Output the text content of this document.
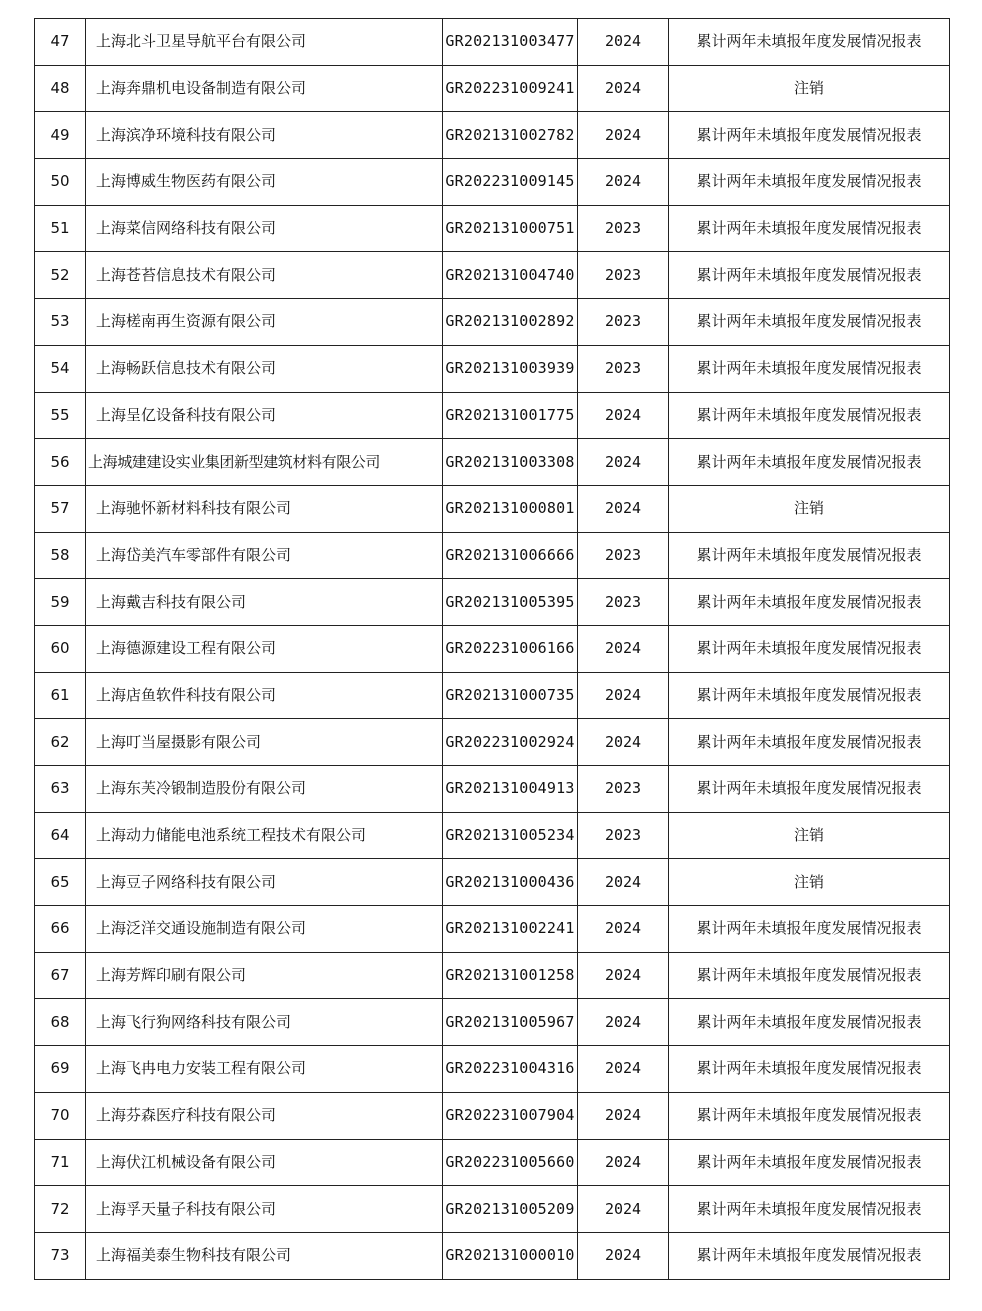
47	上海北斗卫星导航平台有限公司	GR202131003477	2024	累计两年未填报年度发展情况报表
48	上海奔鼎机电设备制造有限公司	GR202231009241	2024	注销
49	上海滨净环境科技有限公司	GR202131002782	2024	累计两年未填报年度发展情况报表
50	上海博威生物医药有限公司	GR202231009145	2024	累计两年未填报年度发展情况报表
51	上海菜信网络科技有限公司	GR202131000751	2023	累计两年未填报年度发展情况报表
52	上海苍苔信息技术有限公司	GR202131004740	2023	累计两年未填报年度发展情况报表
53	上海槎南再生资源有限公司	GR202131002892	2023	累计两年未填报年度发展情况报表
54	上海畅跃信息技术有限公司	GR202131003939	2023	累计两年未填报年度发展情况报表
55	上海呈亿设备科技有限公司	GR202131001775	2024	累计两年未填报年度发展情况报表
56	上海城建建设实业集团新型建筑材料有限公司	GR202131003308	2024	累计两年未填报年度发展情况报表
57	上海驰怀新材料科技有限公司	GR202131000801	2024	注销
58	上海岱美汽车零部件有限公司	GR202131006666	2023	累计两年未填报年度发展情况报表
59	上海戴吉科技有限公司	GR202131005395	2023	累计两年未填报年度发展情况报表
60	上海德源建设工程有限公司	GR202231006166	2024	累计两年未填报年度发展情况报表
61	上海店鱼软件科技有限公司	GR202131000735	2024	累计两年未填报年度发展情况报表
62	上海叮当屋摄影有限公司	GR202231002924	2024	累计两年未填报年度发展情况报表
63	上海东芙冷锻制造股份有限公司	GR202131004913	2023	累计两年未填报年度发展情况报表
64	上海动力储能电池系统工程技术有限公司	GR202131005234	2023	注销
65	上海豆子网络科技有限公司	GR202131000436	2024	注销
66	上海泛洋交通设施制造有限公司	GR202131002241	2024	累计两年未填报年度发展情况报表
67	上海芳辉印刷有限公司	GR202131001258	2024	累计两年未填报年度发展情况报表
68	上海飞行狗网络科技有限公司	GR202131005967	2024	累计两年未填报年度发展情况报表
69	上海飞冉电力安装工程有限公司	GR202231004316	2024	累计两年未填报年度发展情况报表
70	上海芬森医疗科技有限公司	GR202231007904	2024	累计两年未填报年度发展情况报表
71	上海伏江机械设备有限公司	GR202231005660	2024	累计两年未填报年度发展情况报表
72	上海孚天量子科技有限公司	GR202131005209	2024	累计两年未填报年度发展情况报表
73	上海福美泰生物科技有限公司	GR202131000010	2024	累计两年未填报年度发展情况报表
